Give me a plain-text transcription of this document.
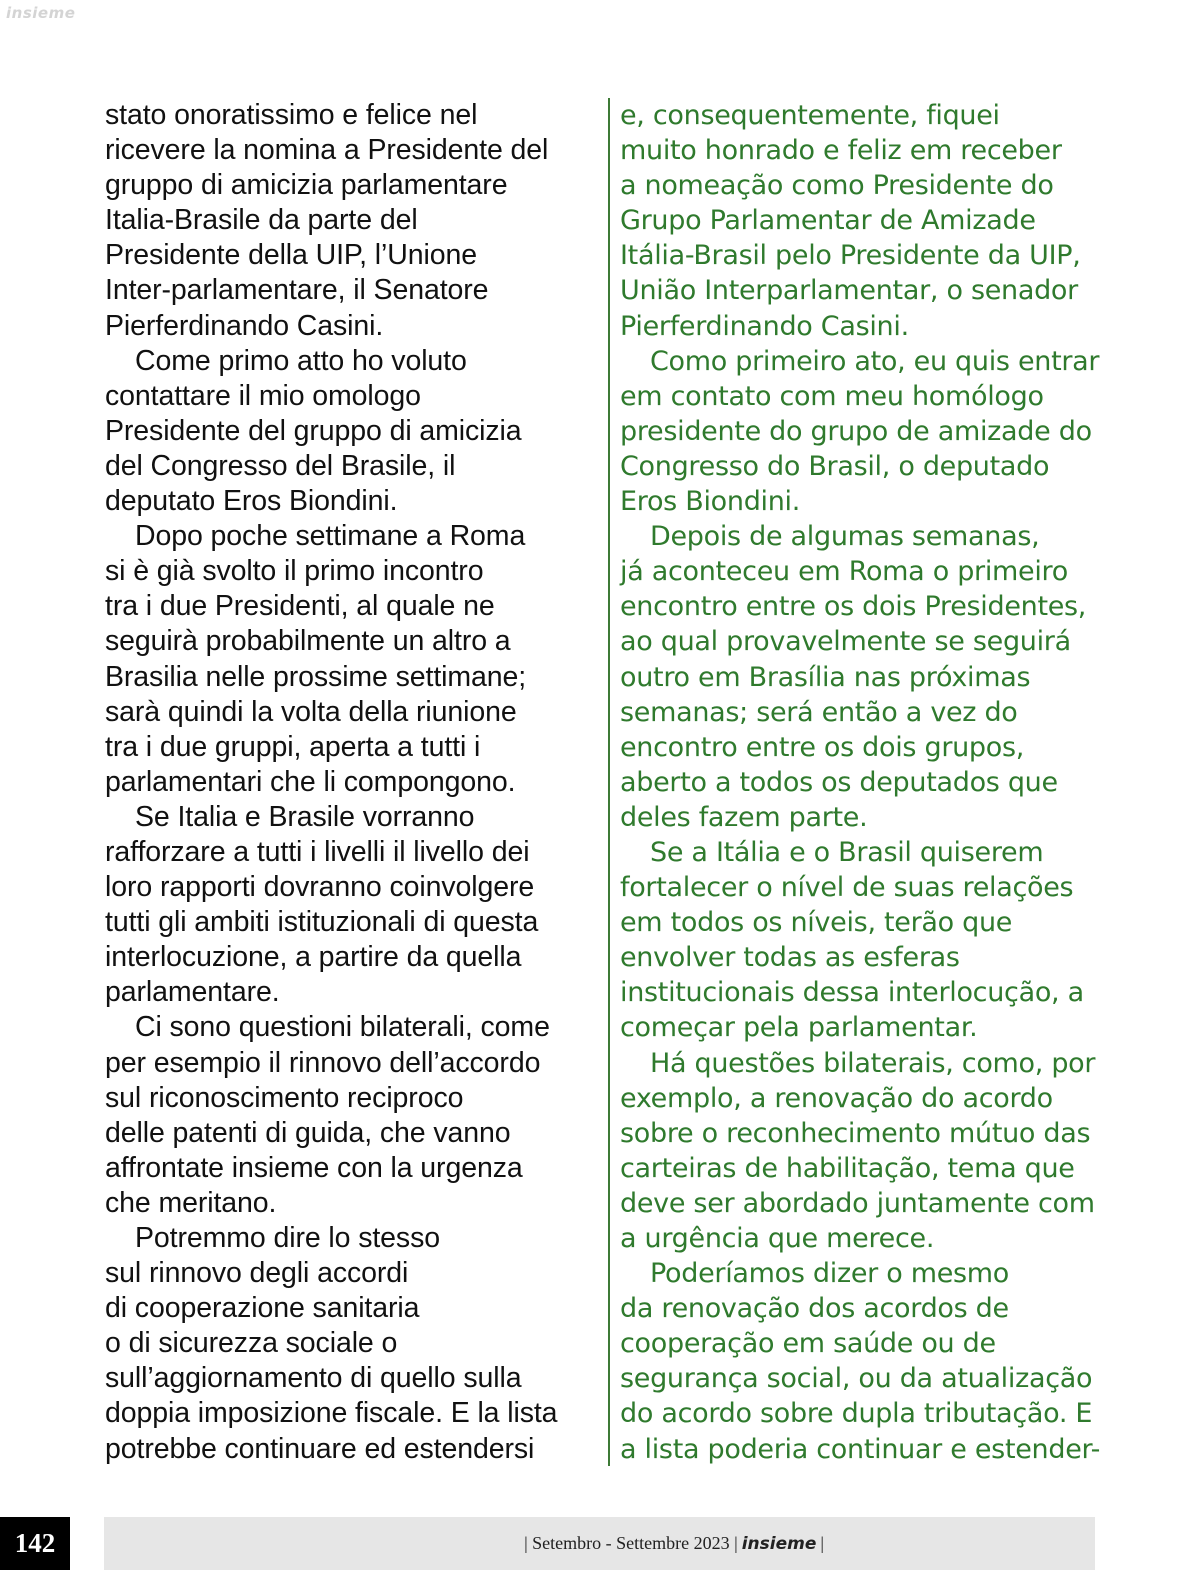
insieme

stato onoratissimo e felice nel

ricevere la nomina a Presidente del

gruppo di amicizia parlamentare

Italia-Brasile da parte del

Presidente della UIP, l’Unione

Inter-parlamentare, il Senatore

Pierferdinando Casini.

Come primo atto ho voluto

contattare il mio omologo

Presidente del gruppo di amicizia

del Congresso del Brasile, il

deputato Eros Biondini.

Dopo poche settimane a Roma

si è già svolto il primo incontro

tra i due Presidenti, al quale ne

seguirà probabilmente un altro a

Brasilia nelle prossime settimane;

sarà quindi la volta della riunione

tra i due gruppi, aperta a tutti i

parlamentari che li compongono.

Se Italia e Brasile vorranno

rafforzare a tutti i livelli il livello dei

loro rapporti dovranno coinvolgere

tutti gli ambiti istituzionali di questa

interlocuzione, a partire da quella

parlamentare.

Ci sono questioni bilaterali, come

per esempio il rinnovo dell’accordo

sul riconoscimento reciproco

delle patenti di guida, che vanno

affrontate insieme con la urgenza

che meritano.

Potremmo dire lo stesso

sul rinnovo degli accordi

di cooperazione sanitaria

o di sicurezza sociale o

sull’aggiornamento di quello sulla

doppia imposizione fiscale. E la lista

potrebbe continuare ed estendersi

e, consequentemente, fiquei

muito honrado e feliz em receber

a nomeação como Presidente do

Grupo Parlamentar de Amizade

Itália-Brasil pelo Presidente da UIP,

União Interparlamentar, o senador

Pierferdinando Casini.

Como primeiro ato, eu quis entrar

em contato com meu homólogo

presidente do grupo de amizade do

Congresso do Brasil, o deputado

Eros Biondini.

Depois de algumas semanas,

já aconteceu em Roma o primeiro

encontro entre os dois Presidentes,

ao qual provavelmente se seguirá

outro em Brasília nas próximas

semanas; será então a vez do

encontro entre os dois grupos,

aberto a todos os deputados que

deles fazem parte.

Se a Itália e o Brasil quiserem

fortalecer o nível de suas relações

em todos os níveis, terão que

envolver todas as esferas

institucionais dessa interlocução, a

começar pela parlamentar.

Há questões bilaterais, como, por

exemplo, a renovação do acordo

sobre o reconhecimento mútuo das

carteiras de habilitação, tema que

deve ser abordado juntamente com

a urgência que merece.

Poderíamos dizer o mesmo

da renovação dos acordos de

cooperação em saúde ou de

segurança social, ou da atualização

do acordo sobre dupla tributação. E

a lista poderia continuar e estender-

142	| Setembro - Settembre 2023 | insieme |
